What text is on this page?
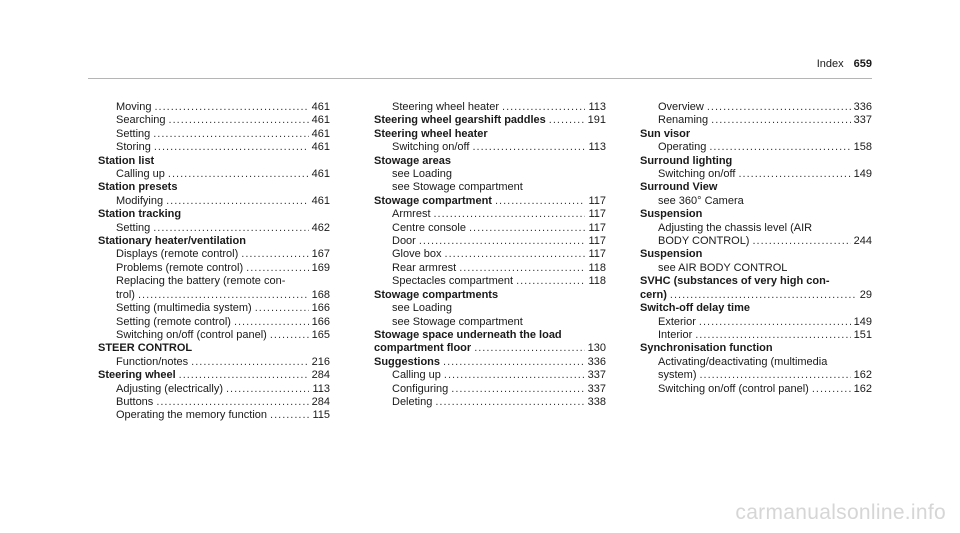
Index 659
Moving .....	461
Searching .....	461
Setting .....	461
Storing .....	461
Station list
Calling up .....	461
Station presets
Modifying .....	461
Station tracking
Setting .....	462
Stationary heater/ventilation
Displays (remote control) .....	167
Problems (remote control) .....	169
Replacing the battery (remote con-
trol) .....	168
Setting (multimedia system) .....	166
Setting (remote control) .....	166
Switching on/off (control panel) .....	165
STEER CONTROL
Function/notes .....	216
Steering wheel .....	284
Adjusting (electrically) .....	113
Buttons .....	284
Operating the memory function .....	115
Steering wheel heater .....	113
Steering wheel gearshift paddles .....	191
Steering wheel heater
Switching on/off .....	113
Stowage areas
see Loading
see Stowage compartment
Stowage compartment .....	117
Armrest .....	117
Centre console .....	117
Door .....	117
Glove box .....	117
Rear armrest .....	118
Spectacles compartment .....	118
Stowage compartments
see Loading
see Stowage compartment
Stowage space underneath the load
compartment floor .....	130
Suggestions .....	336
Calling up .....	337
Configuring .....	337
Deleting .....	338
Overview .....	336
Renaming .....	337
Sun visor
Operating .....	158
Surround lighting
Switching on/off .....	149
Surround View
see 360° Camera
Suspension
Adjusting the chassis level (AIR
BODY CONTROL) .....	244
Suspension
see AIR BODY CONTROL
SVHC (substances of very high con-
cern) .....	29
Switch-off delay time
Exterior .....	149
Interior .....	151
Synchronisation function
Activating/deactivating (multimedia
system) .....	162
Switching on/off (control panel) .....	162
carmanualsonline.info
